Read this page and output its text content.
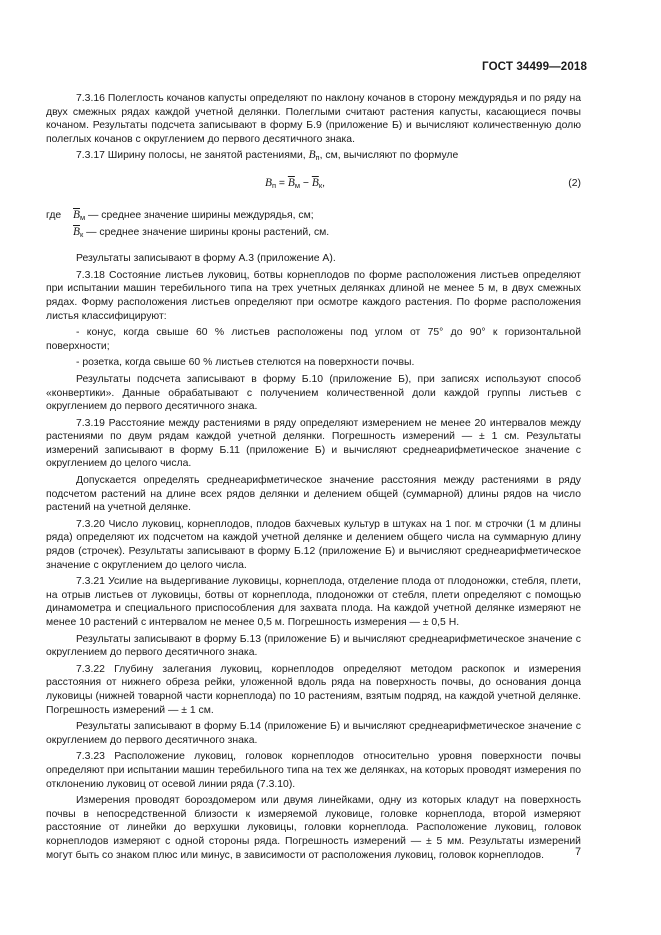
ГОСТ 34499—2018

7.3.16 Полеглость кочанов капусты определяют по наклону кочанов в сторону междурядья и по ряду на двух смежных рядах каждой учетной делянки. Полеглыми считают растения капусты, касающиеся почвы кочаном. Результаты подсчета записывают в форму Б.9 (приложение Б) и вычисляют количественную долю полеглых кочанов с округлением до первого десятичного знака.

7.3.17 Ширину полосы, не занятой растениями, $В_п$, см, вычисляют по формуле

$В_п = В_м - В_к$,	(2)
где $В_м$ — среднее значение ширины междурядья, см;
$В_к$ — среднее значение ширины кроны растений, см.

Результаты записывают в форму А.3 (приложение А).

7.3.18 Состояние листьев луковиц, ботвы корнеплодов по форме расположения листьев определяют при испытании машин теребильного типа на трех учетных делянках длиной не менее 5 м, в двух смежных рядах. Форму расположения листьев определяют при осмотре каждого растения. По форме расположения листья классифицируют:

- конус, когда свыше 60 % листьев расположены под углом от 75° до 90° к горизонтальной поверхности;

- розетка, когда свыше 60 % листьев стелются на поверхности почвы.

Результаты подсчета записывают в форму Б.10 (приложение Б), при записях используют способ «конвертики». Данные обрабатывают с получением количественной доли каждой группы листьев с округлением до первого десятичного знака.

7.3.19 Расстояние между растениями в ряду определяют измерением не менее 20 интервалов между растениями по двум рядам каждой учетной делянки. Погрешность измерений — ± 1 см. Результаты измерений записывают в форму Б.11 (приложение Б) и вычисляют среднеарифметическое значение с округлением до целого числа.

Допускается определять среднеарифметическое значение расстояния между растениями в ряду подсчетом растений на длине всех рядов делянки и делением общей (суммарной) длины рядов на число растений на учетной делянке.

7.3.20 Число луковиц, корнеплодов, плодов бахчевых культур в штуках на 1 пог. м строчки (1 м длины ряда) определяют их подсчетом на каждой учетной делянке и делением общего числа на суммарную длину рядов (строчек). Результаты записывают в форму Б.12 (приложение Б) и вычисляют среднеарифметическое значение с округлением до целого числа.

7.3.21 Усилие на выдергивание луковицы, корнеплода, отделение плода от плодоножки, стебля, плети, на отрыв листьев от луковицы, ботвы от корнеплода, плодоножки от стебля, плети определяют с помощью динамометра и специального приспособления для захвата плода. На каждой учетной делянке измеряют не менее 10 растений с интервалом не менее 0,5 м. Погрешность измерения — ± 0,5 Н.

Результаты записывают в форму Б.13 (приложение Б) и вычисляют среднеарифметическое значение с округлением до первого десятичного знака.

7.3.22 Глубину залегания луковиц, корнеплодов определяют методом раскопок и измерения расстояния от нижнего обреза рейки, уложенной вдоль ряда на поверхность почвы, до основания донца луковицы (нижней товарной части корнеплода) по 10 растениям, взятым подряд, на каждой учетной делянке. Погрешность измерений — ± 1 см.

Результаты записывают в форму Б.14 (приложение Б) и вычисляют среднеарифметическое значение с округлением до первого десятичного знака.

7.3.23 Расположение луковиц, головок корнеплодов относительно уровня поверхности почвы определяют при испытании машин теребильного типа на тех же делянках, на которых проводят измерения по отклонению луковиц от осевой линии ряда (7.3.10).

Измерения проводят бороздомером или двумя линейками, одну из которых кладут на поверхность почвы в непосредственной близости к измеряемой луковице, головке корнеплода, второй измеряют расстояние от линейки до верхушки луковицы, головки корнеплода. Расположение луковиц, головок корнеплодов измеряют с одной стороны ряда. Погрешность измерений — ± 5 мм. Результаты измерений могут быть со знаком плюс или минус, в зависимости от расположения луковиц, головок корнеплодов.	7
